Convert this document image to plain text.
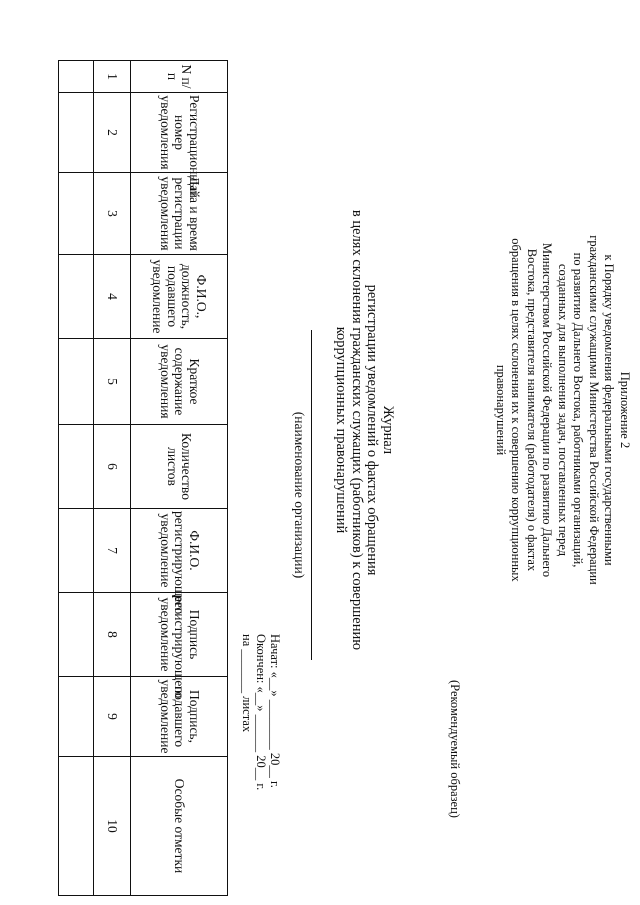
Приложение 2
к Порядку уведомления федеральными государственными
гражданскими служащими Министерства Российской Федерации
по развитию Дальнего Востока, работниками организаций,
созданных для выполнения задач, поставленных перед
Министерством Российской Федерации по развитию Дальнего
Востока, представителя нанимателя (работодателя) о фактах
обращения в целях склонения их к совершению коррупционных
правонарушений
(Рекомендуемый образец)
Журнал
регистрации уведомлений о фактах обращения
в целях склонения гражданских служащих (работников) к совершению
коррупционных правонарушений
(наименование организации)
Начат: «__» ________ 20__ г.
Окончен: «__» ______ 20__ г.
на _______ листах
N п/п	Регистрационный номер уведомления	Дата и время регистрации уведомления	Ф.И.О., должность, подавшего уведомление	Краткое содержание уведомления	Количество листов	Ф.И.О. регистрирующего уведомление	Подпись регистрирующего уведомление	Подпись, подавшего уведомление	Особые отметки
1	2	3	4	5	6	7	8	9	10
